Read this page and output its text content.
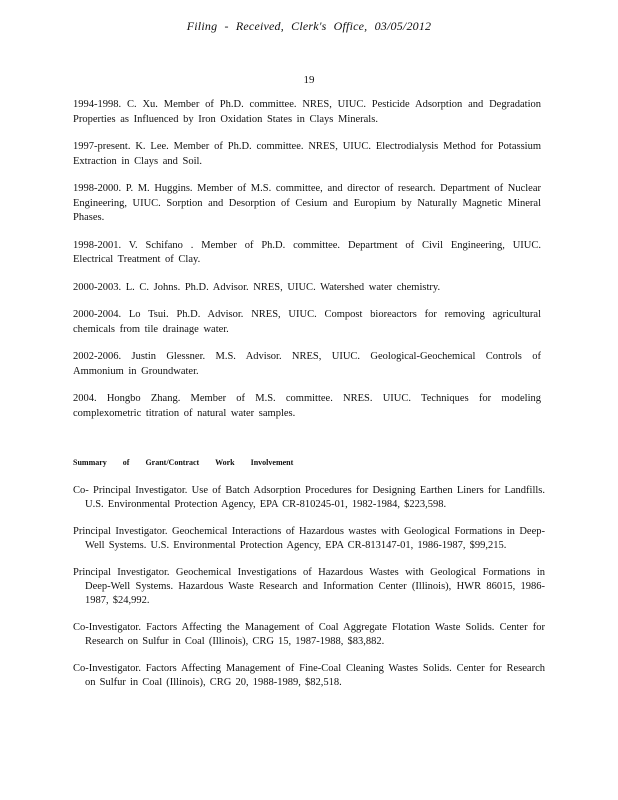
Filing - Received, Clerk's Office, 03/05/2012
19

1994-1998. C. Xu. Member of Ph.D. committee. NRES, UIUC. Pesticide Adsorption and Degradation Properties as Influenced by Iron Oxidation States in Clays Minerals.

1997-present. K. Lee. Member of Ph.D. committee. NRES, UIUC. Electrodialysis Method for Potassium Extraction in Clays and Soil.

1998-2000. P. M. Huggins. Member of M.S. committee, and director of research. Department of Nuclear Engineering, UIUC. Sorption and Desorption of Cesium and Europium by Naturally Magnetic Mineral Phases.

1998-2001. V. Schifano . Member of Ph.D. committee. Department of Civil Engineering, UIUC. Electrical Treatment of Clay.

2000-2003. L. C. Johns. Ph.D. Advisor. NRES, UIUC. Watershed water chemistry.

2000-2004. Lo Tsui. Ph.D. Advisor. NRES, UIUC. Compost bioreactors for removing agricultural chemicals from tile drainage water.

2002-2006. Justin Glessner. M.S. Advisor. NRES, UIUC. Geological-Geochemical Controls of Ammonium in Groundwater.

2004. Hongbo Zhang. Member of M.S. committee. NRES. UIUC. Techniques for modeling complexometric titration of natural water samples.

Summary of Grant/Contract Work Involvement

Co- Principal Investigator. Use of Batch Adsorption Procedures for Designing Earthen Liners for Landfills. U.S. Environmental Protection Agency, EPA CR-810245-01, 1982-1984, $223,598.

Principal Investigator. Geochemical Interactions of Hazardous wastes with Geological Formations in Deep-Well Systems. U.S. Environmental Protection Agency, EPA CR-813147-01, 1986-1987, $99,215.

Principal Investigator. Geochemical Investigations of Hazardous Wastes with Geological Formations in Deep-Well Systems. Hazardous Waste Research and Information Center (Illinois), HWR 86015, 1986-1987, $24,992.

Co-Investigator. Factors Affecting the Management of Coal Aggregate Flotation Waste Solids. Center for Research on Sulfur in Coal (Illinois), CRG 15, 1987-1988, $83,882.

Co-Investigator. Factors Affecting Management of Fine-Coal Cleaning Wastes Solids. Center for Research on Sulfur in Coal (Illinois), CRG 20, 1988-1989, $82,518.
